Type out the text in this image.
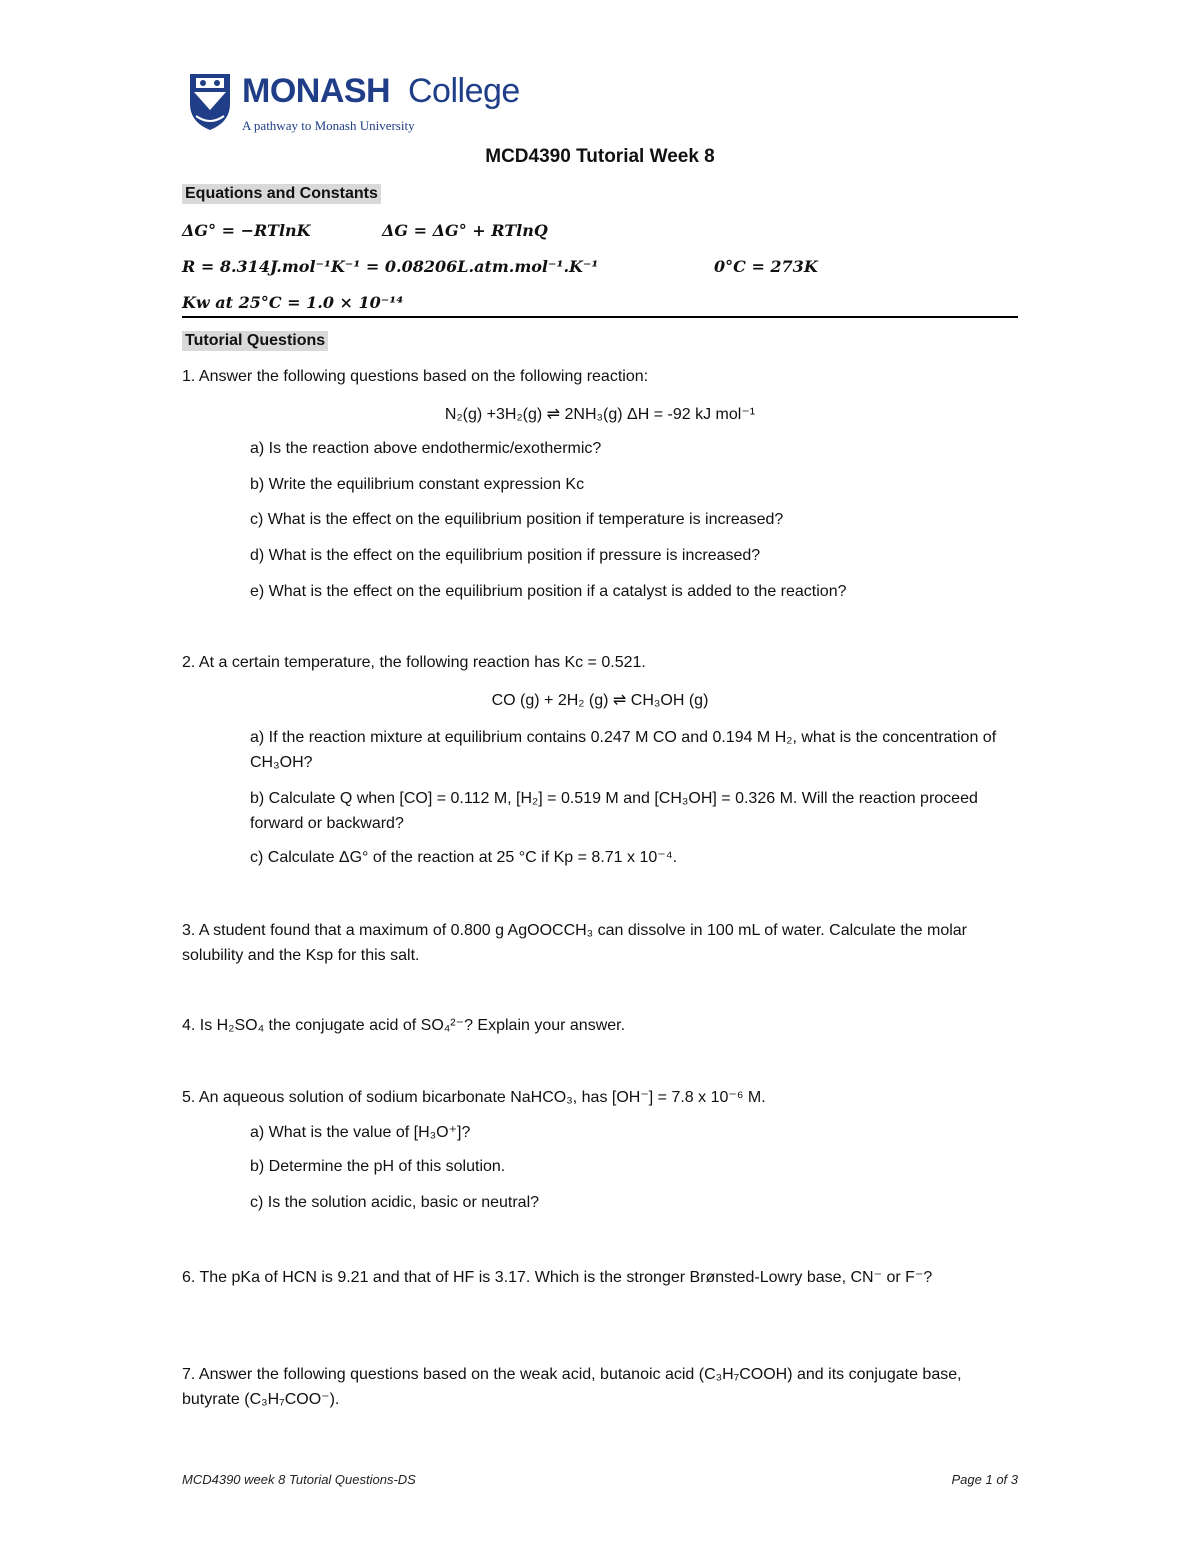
MONASH College
A pathway to Monash University
MCD4390 Tutorial Week 8
Equations and Constants
ΔG° = −RTlnK	ΔG = ΔG° + RTlnQ
R = 8.314J.mol⁻¹K⁻¹ = 0.08206L.atm.mol⁻¹.K⁻¹	0°C = 273K
Kw at 25°C = 1.0 × 10⁻¹⁴
Tutorial Questions
1. Answer the following questions based on the following reaction:
N₂(g) +3H₂(g) ⇌ 2NH₃(g) ΔH = -92 kJ mol⁻¹
a) Is the reaction above endothermic/exothermic?
b) Write the equilibrium constant expression Kc
c) What is the effect on the equilibrium position if temperature is increased?
d) What is the effect on the equilibrium position if pressure is increased?
e) What is the effect on the equilibrium position if a catalyst is added to the reaction?
2. At a certain temperature, the following reaction has Kc = 0.521.
CO (g) + 2H₂ (g) ⇌ CH₃OH (g)
a) If the reaction mixture at equilibrium contains 0.247 M CO and 0.194 M H₂, what is the concentration of CH₃OH?
b) Calculate Q when [CO] = 0.112 M, [H₂] = 0.519 M and [CH₃OH] = 0.326 M. Will the reaction proceed forward or backward?
c) Calculate ΔG° of the reaction at 25 °C if Kp = 8.71 x 10⁻⁴.
3. A student found that a maximum of 0.800 g AgOOCCH₃ can dissolve in 100 mL of water. Calculate the molar solubility and the Ksp for this salt.
4. Is H₂SO₄ the conjugate acid of SO₄²⁻? Explain your answer.
5. An aqueous solution of sodium bicarbonate NaHCO₃, has [OH⁻] = 7.8 x 10⁻⁶ M.
a) What is the value of [H₃O⁺]?
b) Determine the pH of this solution.
c) Is the solution acidic, basic or neutral?
6. The pKa of HCN is 9.21 and that of HF is 3.17. Which is the stronger Brønsted-Lowry base, CN⁻ or F⁻?
7. Answer the following questions based on the weak acid, butanoic acid (C₃H₇COOH) and its conjugate base, butyrate (C₃H₇COO⁻).
MCD4390 week 8 Tutorial Questions-DS	Page 1 of 3
